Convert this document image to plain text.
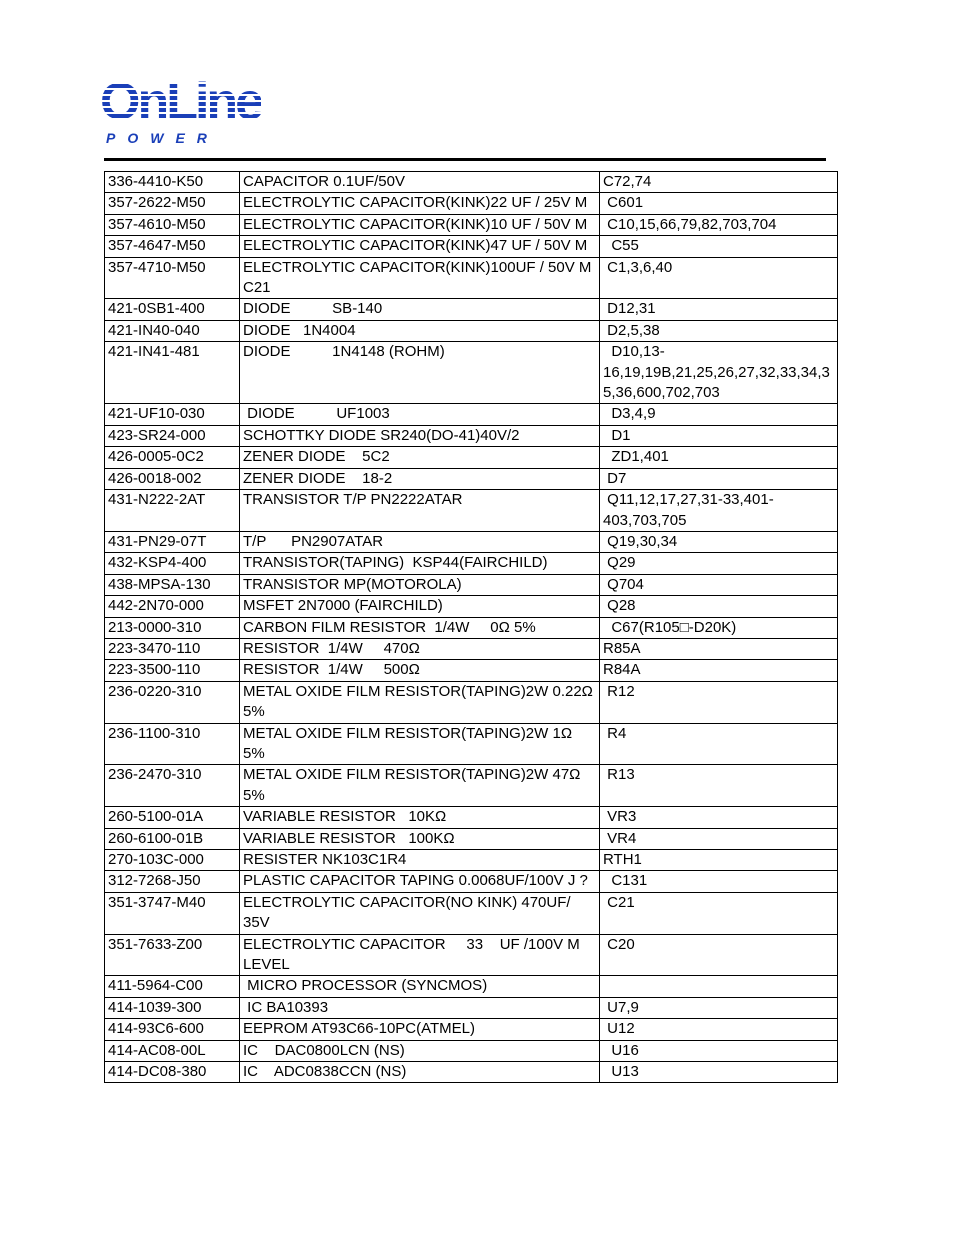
OnLine
POWER
336-4410-K50	CAPACITOR 0.1UF/50V	C72,74
357-2622-M50	ELECTROLYTIC CAPACITOR(KINK)22 UF / 25V M	C601
357-4610-M50	ELECTROLYTIC CAPACITOR(KINK)10 UF / 50V M	C10,15,66,79,82,703,704
357-4647-M50	ELECTROLYTIC CAPACITOR(KINK)47 UF / 50V M	C55
357-4710-M50	ELECTROLYTIC CAPACITOR(KINK)100UF / 50V M  C21	C1,3,6,40
421-0SB1-400	DIODE          SB-140	D12,31
421-IN40-040	DIODE   1N4004	D2,5,38
421-IN41-481	DIODE          1N4148 (ROHM)	D10,13-16,19,19B,21,25,26,27,32,33,34,35,36,600,702,703
421-UF10-030	DIODE          UF1003	D3,4,9
423-SR24-000	SCHOTTKY DIODE SR240(DO-41)40V/2	D1
426-0005-0C2	ZENER DIODE    5C2	ZD1,401
426-0018-002	ZENER DIODE    18-2	D7
431-N222-2AT	TRANSISTOR T/P PN2222ATAR	Q11,12,17,27,31-33,401-403,703,705
431-PN29-07T	T/P      PN2907ATAR	Q19,30,34
432-KSP4-400	TRANSISTOR(TAPING)  KSP44(FAIRCHILD)	Q29
438-MPSA-130	TRANSISTOR MP(MOTOROLA)	Q704
442-2N70-000	MSFET 2N7000 (FAIRCHILD)	Q28
213-0000-310	CARBON FILM RESISTOR  1/4W     0Ω 5%	C67(R105□-D20K)
223-3470-110	RESISTOR  1/4W     470Ω	R85A
223-3500-110	RESISTOR  1/4W     500Ω	R84A
236-0220-310	METAL OXIDE FILM RESISTOR(TAPING)2W 0.22Ω 5%	R12
236-1100-310	METAL OXIDE FILM RESISTOR(TAPING)2W 1Ω 5%	R4
236-2470-310	METAL OXIDE FILM RESISTOR(TAPING)2W 47Ω 5%	R13
260-5100-01A	VARIABLE RESISTOR   10KΩ	VR3
260-6100-01B	VARIABLE RESISTOR   100KΩ	VR4
270-103C-000	RESISTER NK103C1R4	RTH1
312-7268-J50	PLASTIC CAPACITOR TAPING 0.0068UF/100V J ?	C131
351-3747-M40	ELECTROLYTIC CAPACITOR(NO KINK) 470UF/ 35V	C21
351-7633-Z00	ELECTROLYTIC CAPACITOR     33    UF /100V M LEVEL	C20
411-5964-C00	MICRO PROCESSOR (SYNCMOS)	
414-1039-300	IC BA10393	U7,9
414-93C6-600	EEPROM AT93C66-10PC(ATMEL)	U12
414-AC08-00L	IC    DAC0800LCN (NS)	U16
414-DC08-380	IC    ADC0838CCN (NS)	U13
